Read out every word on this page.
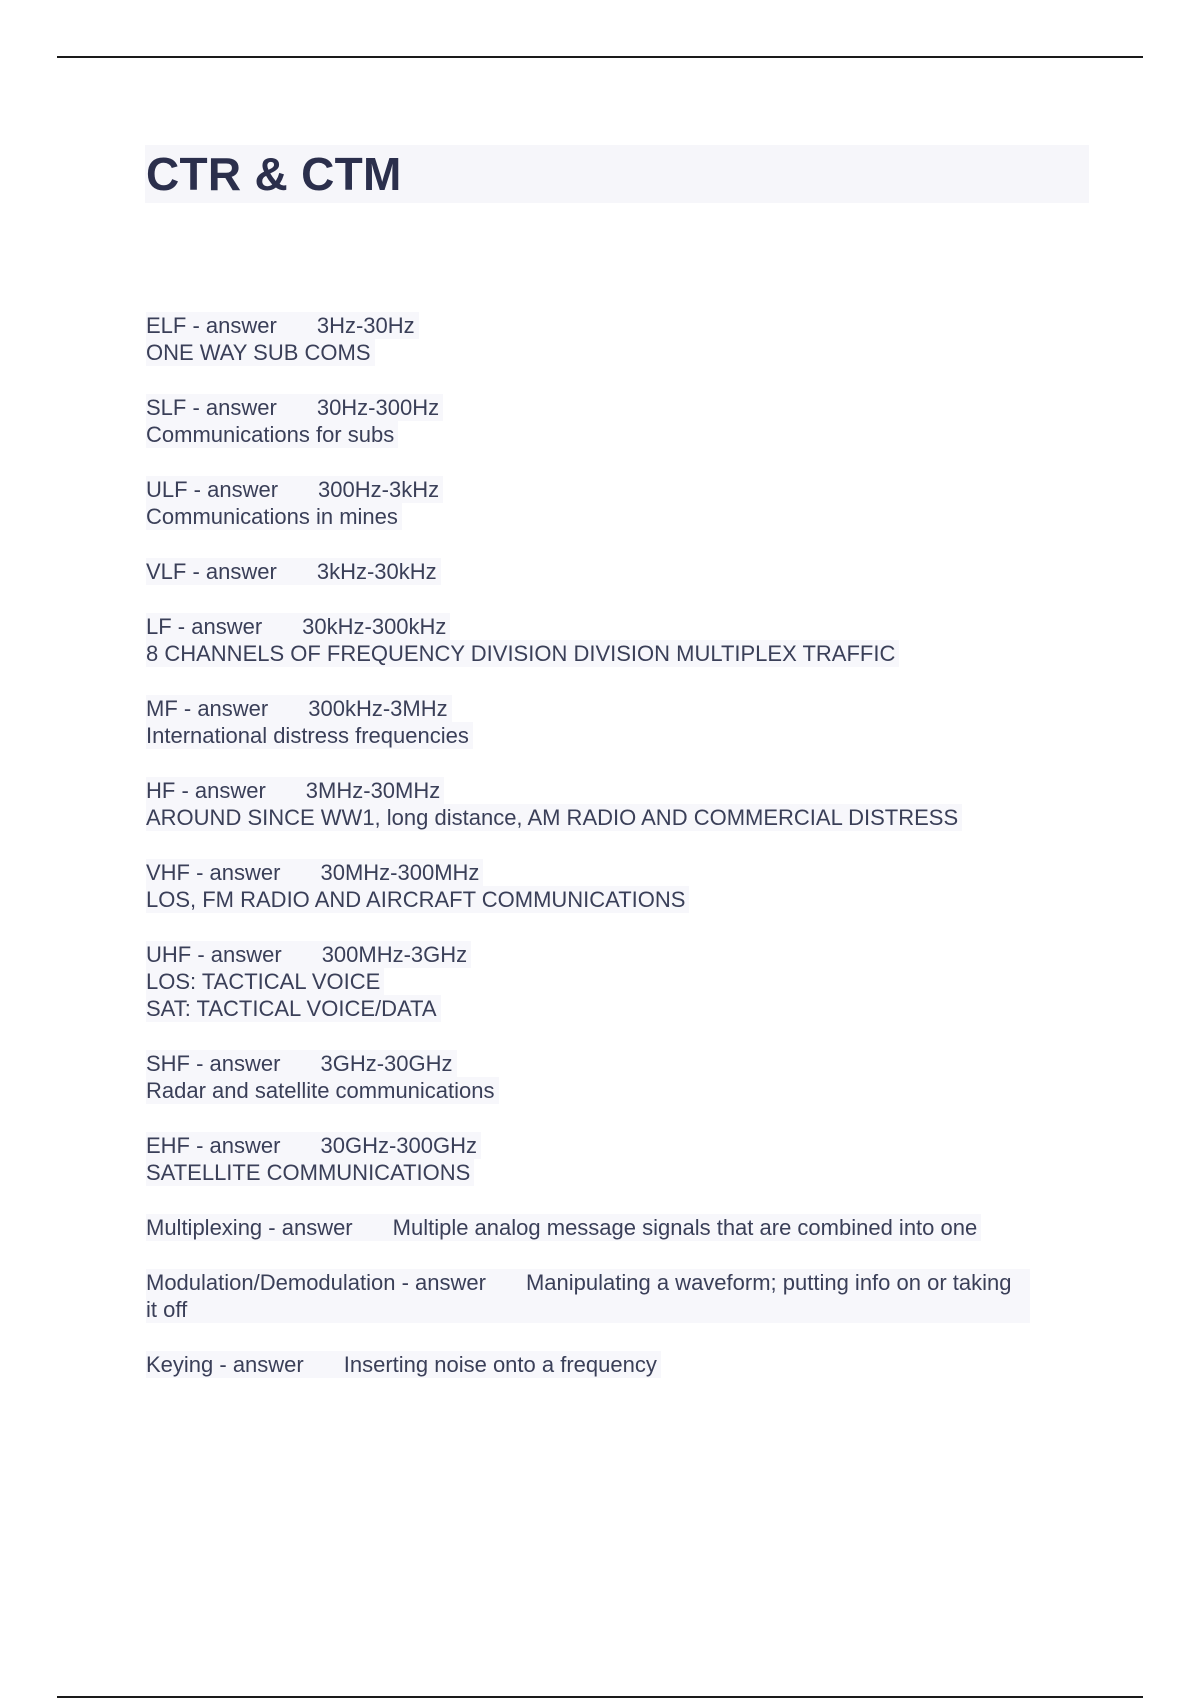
CTR & CTM
ELF - answer 3Hz-30Hz
ONE WAY SUB COMS
SLF - answer 30Hz-300Hz
Communications for subs
ULF - answer 300Hz-3kHz
Communications in mines
VLF - answer 3kHz-30kHz
LF - answer 30kHz-300kHz
8 CHANNELS OF FREQUENCY DIVISION DIVISION MULTIPLEX TRAFFIC
MF - answer 300kHz-3MHz
International distress frequencies
HF - answer 3MHz-30MHz
AROUND SINCE WW1, long distance, AM RADIO AND COMMERCIAL DISTRESS
VHF - answer 30MHz-300MHz
LOS, FM RADIO AND AIRCRAFT COMMUNICATIONS
UHF - answer 300MHz-3GHz
LOS: TACTICAL VOICE
SAT: TACTICAL VOICE/DATA
SHF - answer 3GHz-30GHz
Radar and satellite communications
EHF - answer 30GHz-300GHz
SATELLITE COMMUNICATIONS
Multiplexing - answer Multiple analog message signals that are combined into one
Modulation/Demodulation - answer Manipulating a waveform; putting info on or taking it off
Keying - answer Inserting noise onto a frequency
